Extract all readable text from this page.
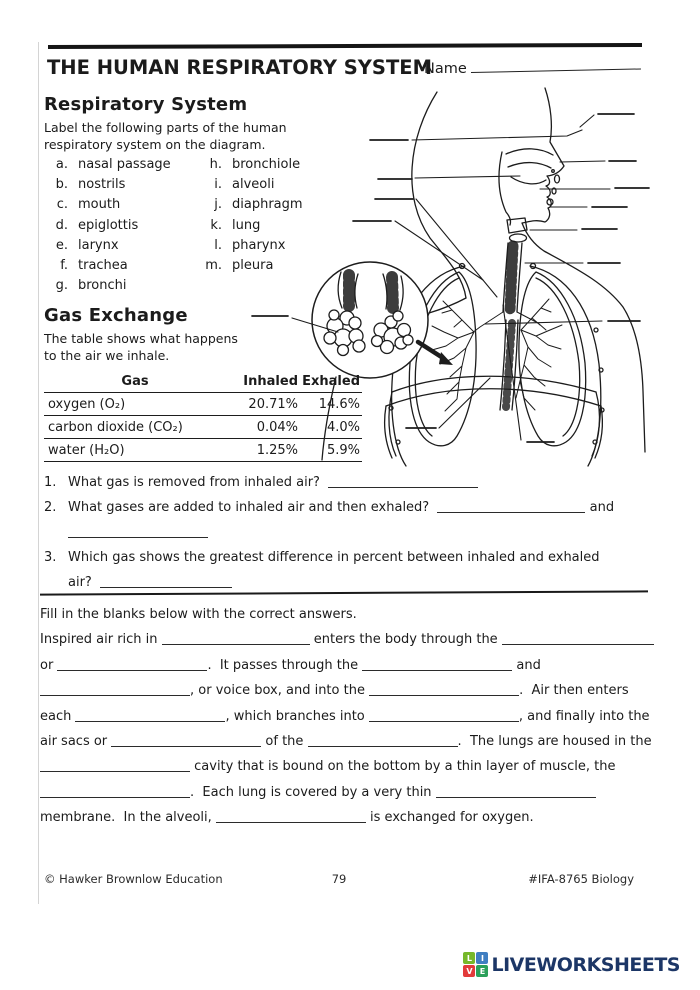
THE HUMAN RESPIRATORY SYSTEM
Name
Respiratory System
Label the following parts of the human
respiratory system on the diagram.
a. nasal passage	h. bronchiole
b. nostrils	i. alveoli
c. mouth	j. diaphragm
d. epiglottis	k. lung
e. larynx	l. pharynx
f. trachea	m. pleura
g. bronchi
Gas Exchange
The table shows what happens
to the air we inhale.
Gas	Inhaled Exhaled
oxygen (O₂)	20.71%	14.6%
carbon dioxide (CO₂)	0.04%	4.0%
water (H₂O)	1.25%	5.9%
1. What gas is removed from inhaled air?
2. What gases are added to inhaled air and then exhaled?	and
3. Which gas shows the greatest difference in percent between inhaled and exhaled
air?
Fill in the blanks below with the correct answers.
Inspired air rich in	enters the body through the
or	.  It passes through the	and
, or voice box, and into the	.  Air then enters
each	, which branches into	, and finally into the
air sacs or	of the	.  The lungs are housed in the
cavity that is bound on the bottom by a thin layer of muscle, the
.  Each lung is covered by a very thin
membrane.  In the alveoli,	is exchanged for oxygen.
© Hawker Brownlow Education	79	#IFA-8765 Biology
L	I
V E LIVEWORKSHEETS
